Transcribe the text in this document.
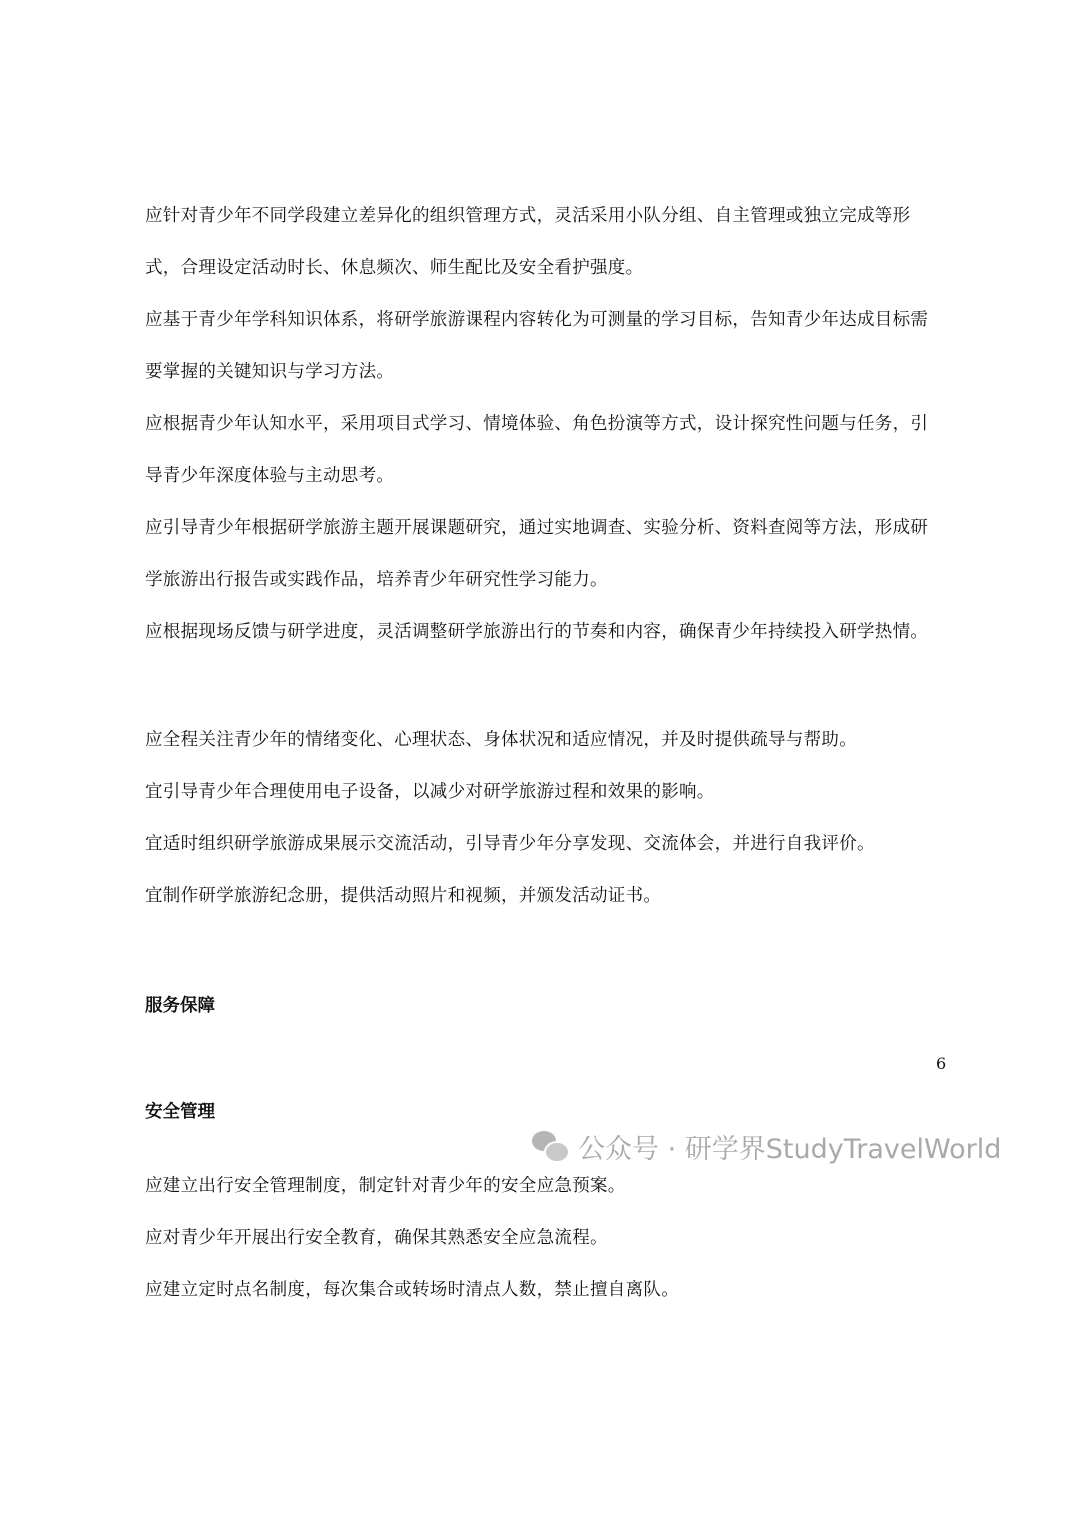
应针对青少年不同学段建立差异化的组织管理方式，灵活采用小队分组、自主管理或独立完成等形式，合理设定活动时长、休息频次、师生配比及安全看护强度。

应基于青少年学科知识体系，将研学旅游课程内容转化为可测量的学习目标，告知青少年达成目标需要掌握的关键知识与学习方法。

应根据青少年认知水平，采用项目式学习、情境体验、角色扮演等方式，设计探究性问题与任务，引导青少年深度体验与主动思考。

应引导青少年根据研学旅游主题开展课题研究，通过实地调查、实验分析、资料查阅等方法，形成研学旅游出行报告或实践作品，培养青少年研究性学习能力。

应根据现场反馈与研学进度，灵活调整研学旅游出行的节奏和内容，确保青少年持续投入研学热情。

应全程关注青少年的情绪变化、心理状态、身体状况和适应情况，并及时提供疏导与帮助。

宜引导青少年合理使用电子设备，以减少对研学旅游过程和效果的影响。

宜适时组织研学旅游成果展示交流活动，引导青少年分享发现、交流体会，并进行自我评价。

宜制作研学旅游纪念册，提供活动照片和视频，并颁发活动证书。

服务保障
安全管理

应建立出行安全管理制度，制定针对青少年的安全应急预案。

应对青少年开展出行安全教育，确保其熟悉安全应急流程。

应建立定时点名制度，每次集合或转场时清点人数，禁止擅自离队。

6
公众号 · 研学界StudyTravelWorld
